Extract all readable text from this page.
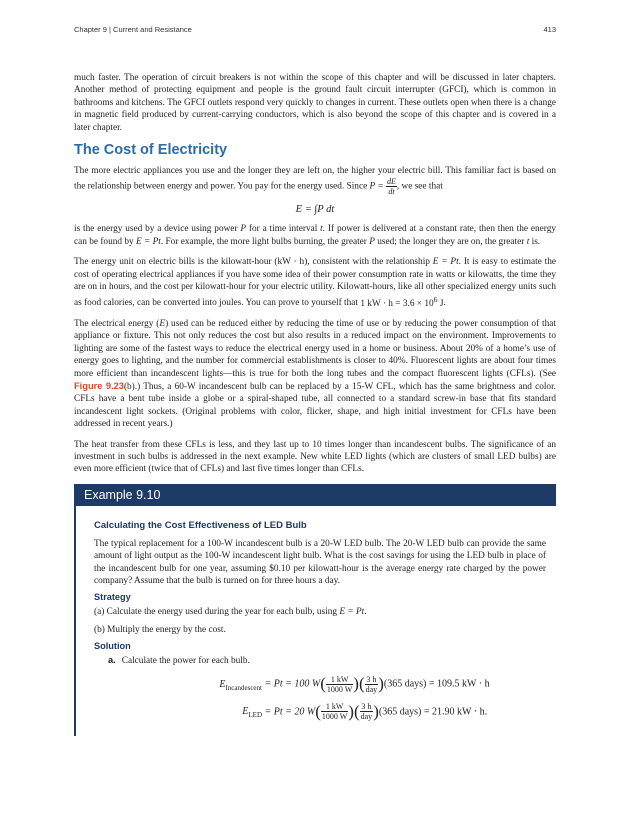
Chapter 9 | Current and Resistance	413

much faster. The operation of circuit breakers is not within the scope of this chapter and will be discussed in later chapters. Another method of protecting equipment and people is the ground fault circuit interrupter (GFCI), which is common in bathrooms and kitchens. The GFCI outlets respond very quickly to changes in current. These outlets open when there is a change in magnetic field produced by current-carrying conductors, which is also beyond the scope of this chapter and is covered in a later chapter.

The Cost of Electricity

The more electric appliances you use and the longer they are left on, the higher your electric bill. This familiar fact is based on the relationship between energy and power. You pay for the energy used. Since $P = \frac{dE}{dt}$ , we see that

E = ∫P dt

is the energy used by a device using power P for a time interval t. If power is delivered at a constant rate, then then the energy can be found by E = Pt. For example, the more light bulbs burning, the greater P used; the longer they are on, the greater t is.

The energy unit on electric bills is the kilowatt-hour (kW · h), consistent with the relationship E = Pt. It is easy to estimate the cost of operating electrical appliances if you have some idea of their power consumption rate in watts or kilowatts, the time they are on in hours, and the cost per kilowatt-hour for your electric utility. Kilowatt-hours, like all other specialized energy units such as food calories, can be converted into joules. You can prove to yourself that 1 kW · $h = 3.6 \times 10^6$ J.

The electrical energy (E) used can be reduced either by reducing the time of use or by reducing the power consumption of that appliance or fixture. This not only reduces the cost but also results in a reduced impact on the environment. Improvements to lighting are some of the fastest ways to reduce the electrical energy used in a home or business. About 20% of a home’s use of energy goes to lighting, and the number for commercial establishments is closer to 40%. Fluorescent lights are about four times more efficient than incandescent lights—this is true for both the long tubes and the compact fluorescent lights (CFLs). (See Figure 9.23(b).) Thus, a 60-W incandescent bulb can be replaced by a 15-W CFL, which has the same brightness and color. CFLs have a bent tube inside a globe or a spiral-shaped tube, all connected to a standard screw-in base that fits standard incandescent light sockets. (Original problems with color, flicker, shape, and high initial investment for CFLs have been addressed in recent years.)

The heat transfer from these CFLs is less, and they last up to 10 times longer than incandescent bulbs. The significance of an investment in such bulbs is addressed in the next example. New white LED lights (which are clusters of small LED bulbs) are even more efficient (twice that of CFLs) and last five times longer than CFLs.

Example 9.10
Calculating the Cost Effectiveness of LED Bulb

The typical replacement for a 100-W incandescent bulb is a 20-W LED bulb. The 20-W LED bulb can provide the same amount of light output as the 100-W incandescent light bulb. What is the cost savings for using the LED bulb in place of the incandescent bulb for one year, assuming $0.10 per kilowatt-hour is the average energy rate charged by the power company? Assume that the bulb is turned on for three hours a day.

Strategy

(a) Calculate the energy used during the year for each bulb, using E = Pt.

(b) Multiply the energy by the cost.

Solution
a. Calculate the power for each bulb.
$E_{Incandescent} = Pt = 100$ $W( \frac{1 kW}{1000 W}$ )( $\frac{3 h}{\text{day}} )(365$ days) = 109.5 kW · h
$E_{LED} = Pt = 20$ $W( \frac{1 kW}{1000 W}$ )( $\frac{3 h}{\text{day}} )(365$ days) = 21.90 kW · h.
